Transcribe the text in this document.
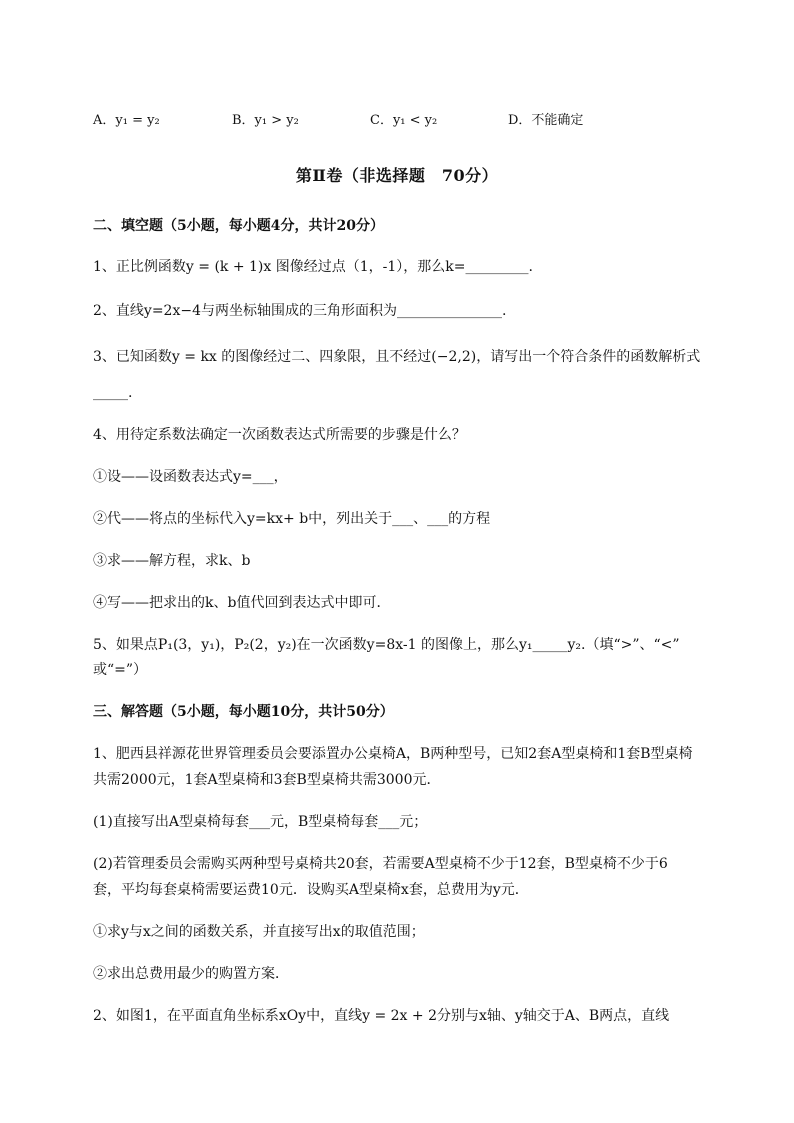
A．y₁ = y₂	B．y₁ > y₂	C．y₁ < y₂	D．不能确定
第Ⅱ卷（非选择题　70分）
二、填空题（5小题，每小题4分，共计20分）
1、正比例函数y = (k + 1)x 图像经过点（1，-1），那么k=_________.
2、直线y=2x−4与两坐标轴围成的三角形面积为_______________.
3、已知函数y = kx 的图像经过二、四象限，且不经过(−2,2)，请写出一个符合条件的函数解析式
_____.
4、用待定系数法确定一次函数表达式所需要的步骤是什么？
①设——设函数表达式y=___，
②代——将点的坐标代入y=kx+ b中，列出关于___、___的方程
③求——解方程，求k、b
④写——把求出的k、b值代回到表达式中即可．
5、如果点P₁(3，y₁)，P₂(2，y₂)在一次函数y=8x-1 的图像上，那么y₁_____y₂.（填“>”、“<”
或“=”）
三、解答题（5小题，每小题10分，共计50分）
1、肥西县祥源花世界管理委员会要添置办公桌椅A，B两种型号，已知2套A型桌椅和1套B型桌椅
共需2000元，1套A型桌椅和3套B型桌椅共需3000元．
(1)直接写出A型桌椅每套___元，B型桌椅每套___元；
(2)若管理委员会需购买两种型号桌椅共20套，若需要A型桌椅不少于12套，B型桌椅不少于6
套，平均每套桌椅需要运费10元．设购买A型桌椅x套，总费用为y元．
①求y与x之间的函数关系，并直接写出x的取值范围；
②求出总费用最少的购置方案．
2、如图1，在平面直角坐标系xOy中，直线y = 2x + 2分别与x轴、y轴交于A、B两点，直线
